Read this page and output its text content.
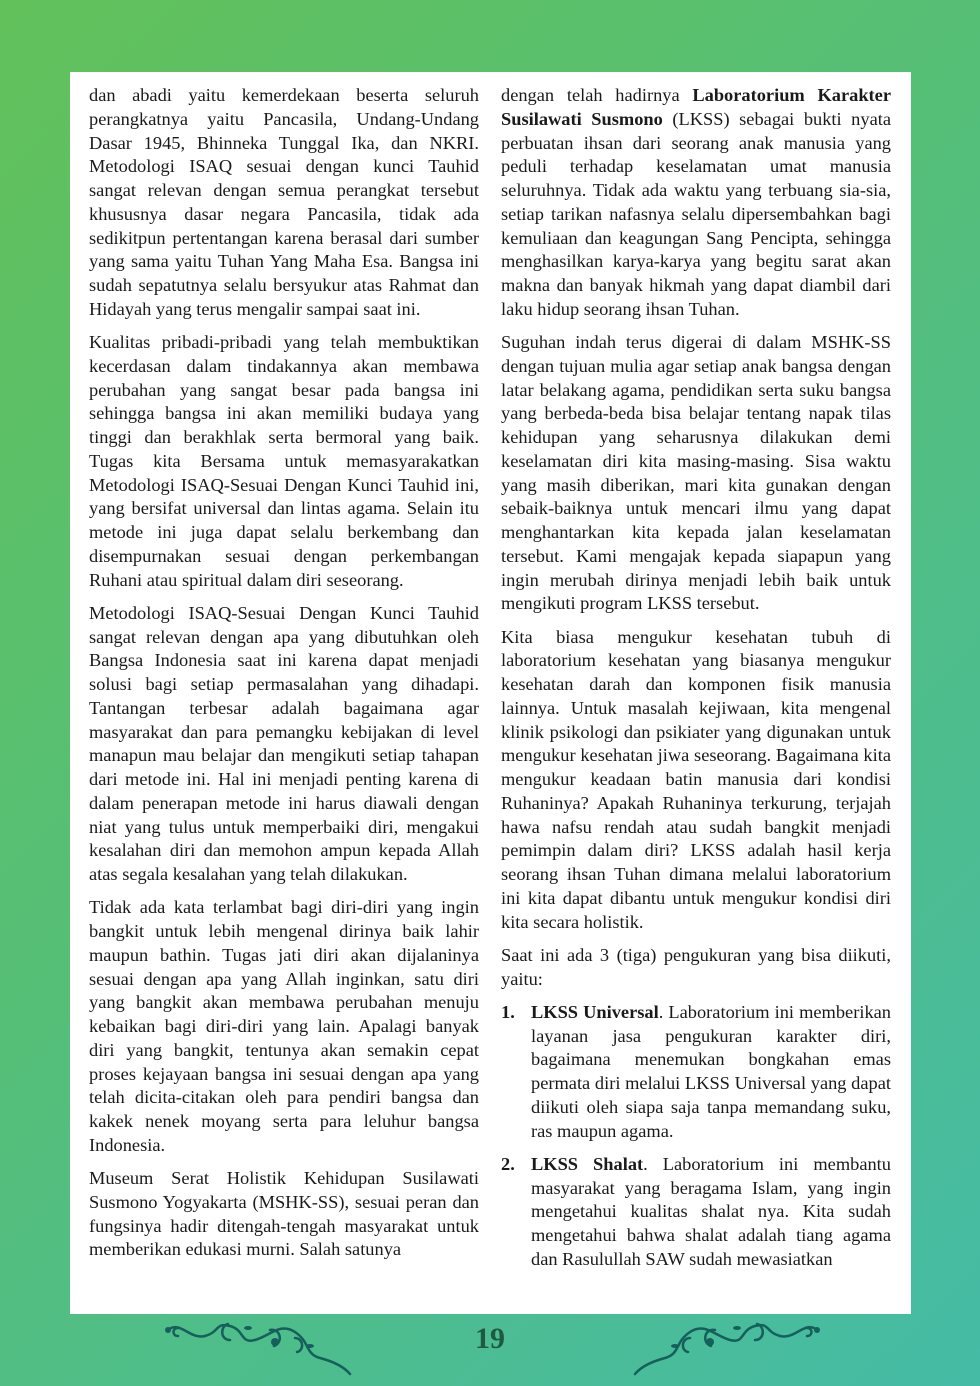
dan abadi yaitu kemerdekaan beserta seluruh perangkatnya yaitu Pancasila, Undang-Undang Dasar 1945, Bhinneka Tunggal Ika, dan NKRI. Metodologi ISAQ sesuai dengan kunci Tauhid sangat relevan dengan semua perangkat tersebut khususnya dasar negara Pancasila, tidak ada sedikitpun pertentangan karena berasal dari sumber yang sama yaitu Tuhan Yang Maha Esa. Bangsa ini sudah sepatutnya selalu bersyukur atas Rahmat dan Hidayah yang terus mengalir sampai saat ini.

Kualitas pribadi-pribadi yang telah membuktikan kecerdasan dalam tindakannya akan membawa perubahan yang sangat besar pada bangsa ini sehingga bangsa ini akan memiliki budaya yang tinggi dan berakhlak serta bermoral yang baik. Tugas kita Bersama untuk memasyarakatkan Metodologi ISAQ-Sesuai Dengan Kunci Tauhid ini, yang bersifat universal dan lintas agama. Selain itu metode ini juga dapat selalu berkembang dan disempurnakan sesuai dengan perkembangan Ruhani atau spiritual dalam diri seseorang.

Metodologi ISAQ-Sesuai Dengan Kunci Tauhid sangat relevan dengan apa yang dibutuhkan oleh Bangsa Indonesia saat ini karena dapat menjadi solusi bagi setiap permasalahan yang dihadapi. Tantangan terbesar adalah bagaimana agar masyarakat dan para pemangku kebijakan di level manapun mau belajar dan mengikuti setiap tahapan dari metode ini. Hal ini menjadi penting karena di dalam penerapan metode ini harus diawali dengan niat yang tulus untuk memperbaiki diri, mengakui kesalahan diri dan memohon ampun kepada Allah atas segala kesalahan yang telah dilakukan.

Tidak ada kata terlambat bagi diri-diri yang ingin bangkit untuk lebih mengenal dirinya baik lahir maupun bathin. Tugas jati diri akan dijalaninya sesuai dengan apa yang Allah inginkan, satu diri yang bangkit akan membawa perubahan menuju kebaikan bagi diri-diri yang lain. Apalagi banyak diri yang bangkit, tentunya akan semakin cepat proses kejayaan bangsa ini sesuai dengan apa yang telah dicita-citakan oleh para pendiri bangsa dan kakek nenek moyang serta para leluhur bangsa Indonesia.

Museum Serat Holistik Kehidupan Susilawati Susmono Yogyakarta (MSHK-SS), sesuai peran dan fungsinya hadir ditengah-tengah masyarakat untuk memberikan edukasi murni. Salah satunya

dengan telah hadirnya Laboratorium Karakter Susilawati Susmono (LKSS) sebagai bukti nyata perbuatan ihsan dari seorang anak manusia yang peduli terhadap keselamatan umat manusia seluruhnya. Tidak ada waktu yang terbuang sia-sia, setiap tarikan nafasnya selalu dipersembahkan bagi kemuliaan dan keagungan Sang Pencipta, sehingga menghasilkan karya-karya yang begitu sarat akan makna dan banyak hikmah yang dapat diambil dari laku hidup seorang ihsan Tuhan.

Suguhan indah terus digerai di dalam MSHK-SS dengan tujuan mulia agar setiap anak bangsa dengan latar belakang agama, pendidikan serta suku bangsa yang berbeda-beda bisa belajar tentang napak tilas kehidupan yang seharusnya dilakukan demi keselamatan diri kita masing-masing. Sisa waktu yang masih diberikan, mari kita gunakan dengan sebaik-baiknya untuk mencari ilmu yang dapat menghantarkan kita kepada jalan keselamatan tersebut. Kami mengajak kepada siapapun yang ingin merubah dirinya menjadi lebih baik untuk mengikuti program LKSS tersebut.

Kita biasa mengukur kesehatan tubuh di laboratorium kesehatan yang biasanya mengukur kesehatan darah dan komponen fisik manusia lainnya. Untuk masalah kejiwaan, kita mengenal klinik psikologi dan psikiater yang digunakan untuk mengukur kesehatan jiwa seseorang. Bagaimana kita mengukur keadaan batin manusia dari kondisi Ruhaninya? Apakah Ruhaninya terkurung, terjajah hawa nafsu rendah atau sudah bangkit menjadi pemimpin dalam diri? LKSS adalah hasil kerja seorang ihsan Tuhan dimana melalui laboratorium ini kita dapat dibantu untuk mengukur kondisi diri kita secara holistik.

Saat ini ada 3 (tiga) pengukuran yang bisa diikuti, yaitu:

1. LKSS Universal. Laboratorium ini memberikan layanan jasa pengukuran karakter diri, bagaimana menemukan bongkahan emas permata diri melalui LKSS Universal yang dapat diikuti oleh siapa saja tanpa memandang suku, ras maupun agama.
2. LKSS Shalat. Laboratorium ini membantu masyarakat yang beragama Islam, yang ingin mengetahui kualitas shalat nya. Kita sudah mengetahui bahwa shalat adalah tiang agama dan Rasulullah SAW sudah mewasiatkan
19
